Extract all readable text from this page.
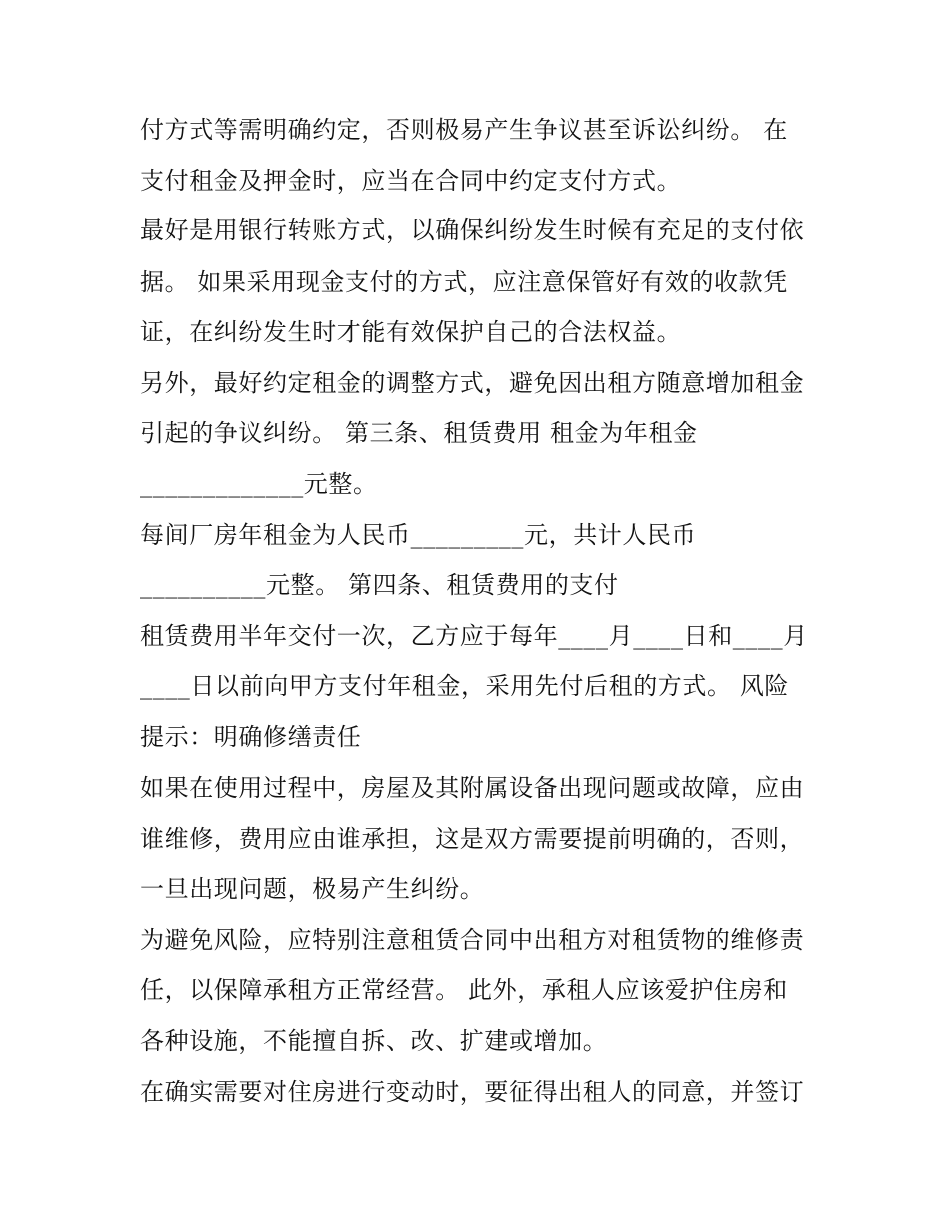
付方式等需明确约定，否则极易产生争议甚至诉讼纠纷。 在
支付租金及押金时，应当在合同中约定支付方式。
最好是用银行转账方式，以确保纠纷发生时候有充足的支付依
据。 如果采用现金支付的方式，应注意保管好有效的收款凭
证，在纠纷发生时才能有效保护自己的合法权益。
另外，最好约定租金的调整方式，避免因出租方随意增加租金
引起的争议纠纷。 第三条、租赁费用 租金为年租金
_____________元整。
每间厂房年租金为人民币_________元，共计人民币
__________元整。 第四条、租赁费用的支付
租赁费用半年交付一次，乙方应于每年____月____日和____月
____日以前向甲方支付年租金，采用先付后租的方式。 风险
提示：明确修缮责任
如果在使用过程中，房屋及其附属设备出现问题或故障，应由
谁维修，费用应由谁承担，这是双方需要提前明确的，否则，
一旦出现问题，极易产生纠纷。
为避免风险，应特别注意租赁合同中出租方对租赁物的维修责
任，以保障承租方正常经营。 此外，承租人应该爱护住房和
各种设施，不能擅自拆、改、扩建或增加。
在确实需要对住房进行变动时，要征得出租人的同意，并签订
